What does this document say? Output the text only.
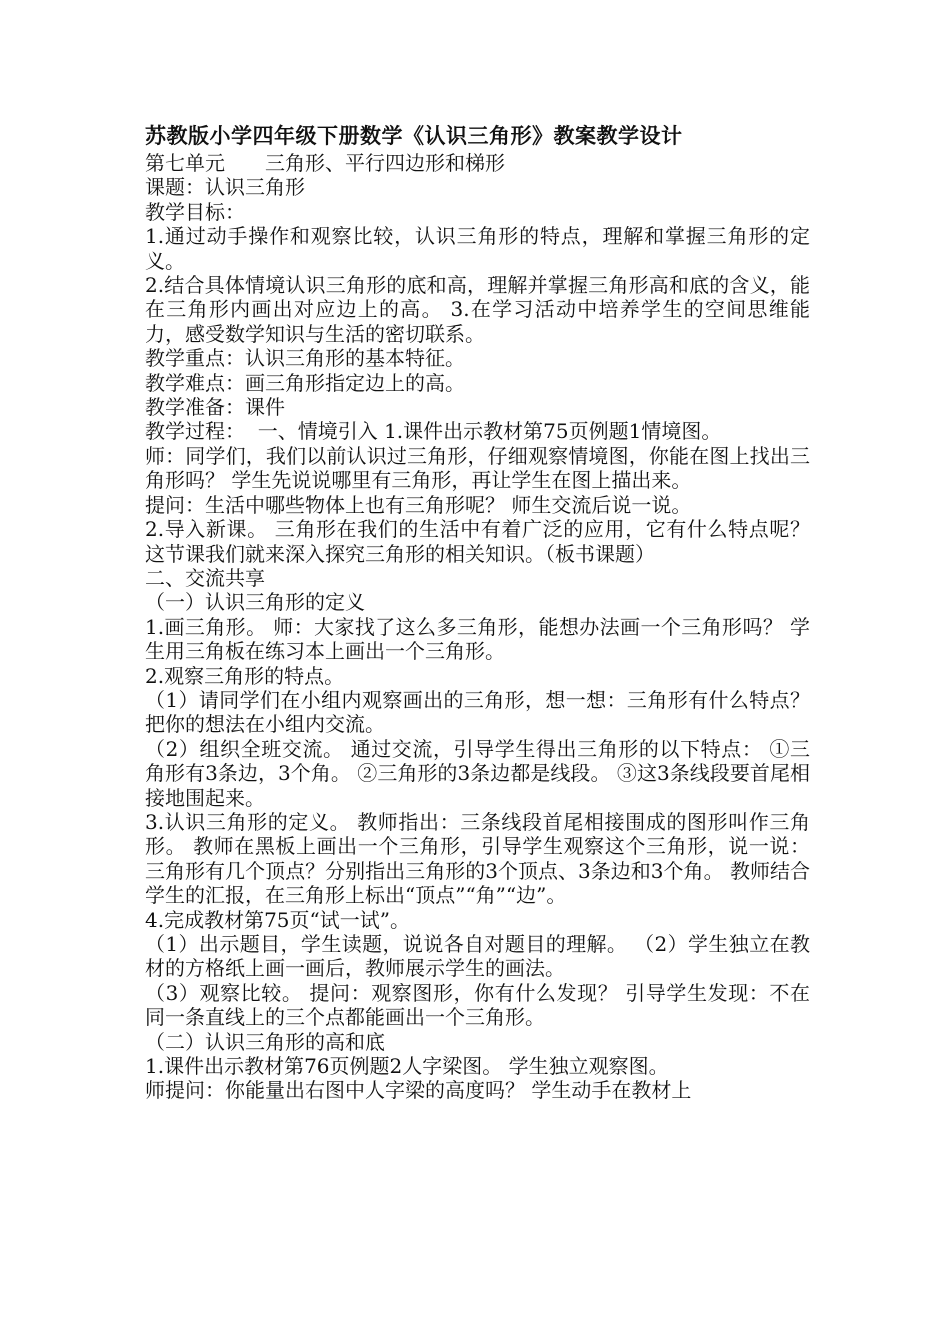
苏教版小学四年级下册数学《认识三角形》教案教学设计

第七单元　　三角形、平行四边形和梯形

课题：认识三角形

教学目标：

1.通过动手操作和观察比较，认识三角形的特点，理解和掌握三角形的定义。

2.结合具体情境认识三角形的底和高，理解并掌握三角形高和底的含义，能在三角形内画出对应边上的高。 3.在学习活动中培养学生的空间思维能力，感受数学知识与生活的密切联系。

教学重点：认识三角形的基本特征。

教学难点：画三角形指定边上的高。

教学准备：课件

教学过程：  一、情境引入 1.课件出示教材第75页例题1情境图。

师：同学们，我们以前认识过三角形，仔细观察情境图，你能在图上找出三角形吗？ 学生先说说哪里有三角形，再让学生在图上描出来。

提问：生活中哪些物体上也有三角形呢？ 师生交流后说一说。

2.导入新课。 三角形在我们的生活中有着广泛的应用，它有什么特点呢？这节课我们就来深入探究三角形的相关知识。（板书课题）

二、交流共享

（一）认识三角形的定义

1.画三角形。 师：大家找了这么多三角形，能想办法画一个三角形吗？ 学生用三角板在练习本上画出一个三角形。

2.观察三角形的特点。

（1）请同学们在小组内观察画出的三角形，想一想：三角形有什么特点？把你的想法在小组内交流。

（2）组织全班交流。 通过交流，引导学生得出三角形的以下特点： ①三角形有3条边，3个角。 ②三角形的3条边都是线段。 ③这3条线段要首尾相接地围起来。

3.认识三角形的定义。 教师指出：三条线段首尾相接围成的图形叫作三角形。 教师在黑板上画出一个三角形，引导学生观察这个三角形，说一说：三角形有几个顶点？分别指出三角形的3个顶点、3条边和3个角。 教师结合学生的汇报，在三角形上标出“顶点”“角”“边”。

4.完成教材第75页“试一试”。

（1）出示题目，学生读题，说说各自对题目的理解。 （2）学生独立在教材的方格纸上画一画后，教师展示学生的画法。

（3）观察比较。 提问：观察图形，你有什么发现？ 引导学生发现：不在同一条直线上的三个点都能画出一个三角形。

（二）认识三角形的高和底

1.课件出示教材第76页例题2人字梁图。 学生独立观察图。

师提问：你能量出右图中人字梁的高度吗？ 学生动手在教材上
